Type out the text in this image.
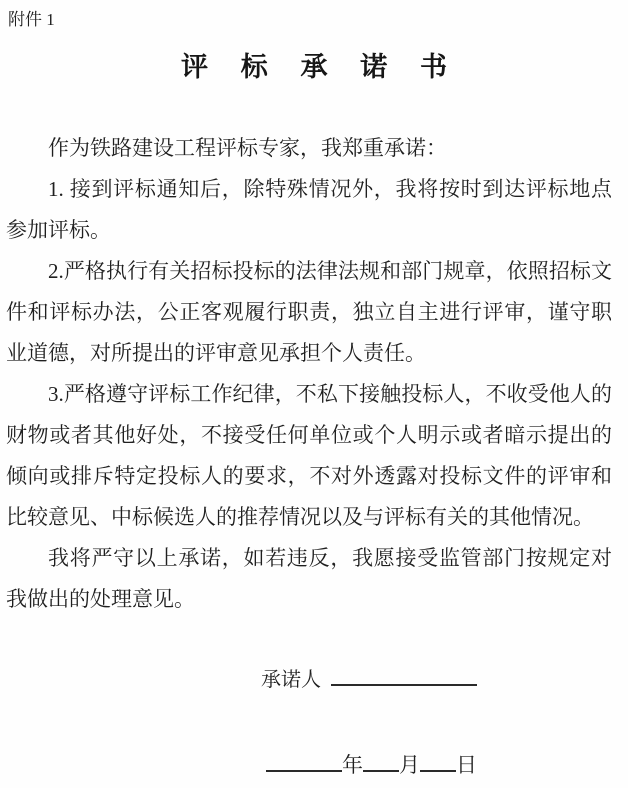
附件 1
评 标 承 诺 书

作为铁路建设工程评标专家，我郑重承诺：

1. 接到评标通知后，除特殊情况外，我将按时到达评标地点参加评标。

2.严格执行有关招标投标的法律法规和部门规章，依照招标文件和评标办法，公正客观履行职责，独立自主进行评审，谨守职业道德，对所提出的评审意见承担个人责任。

3.严格遵守评标工作纪律，不私下接触投标人，不收受他人的财物或者其他好处，不接受任何单位或个人明示或者暗示提出的倾向或排斥特定投标人的要求，不对外透露对投标文件的评审和比较意见、中标候选人的推荐情况以及与评标有关的其他情况。

我将严守以上承诺，如若违反，我愿接受监管部门按规定对我做出的处理意见。

承诺人
年 月 日
